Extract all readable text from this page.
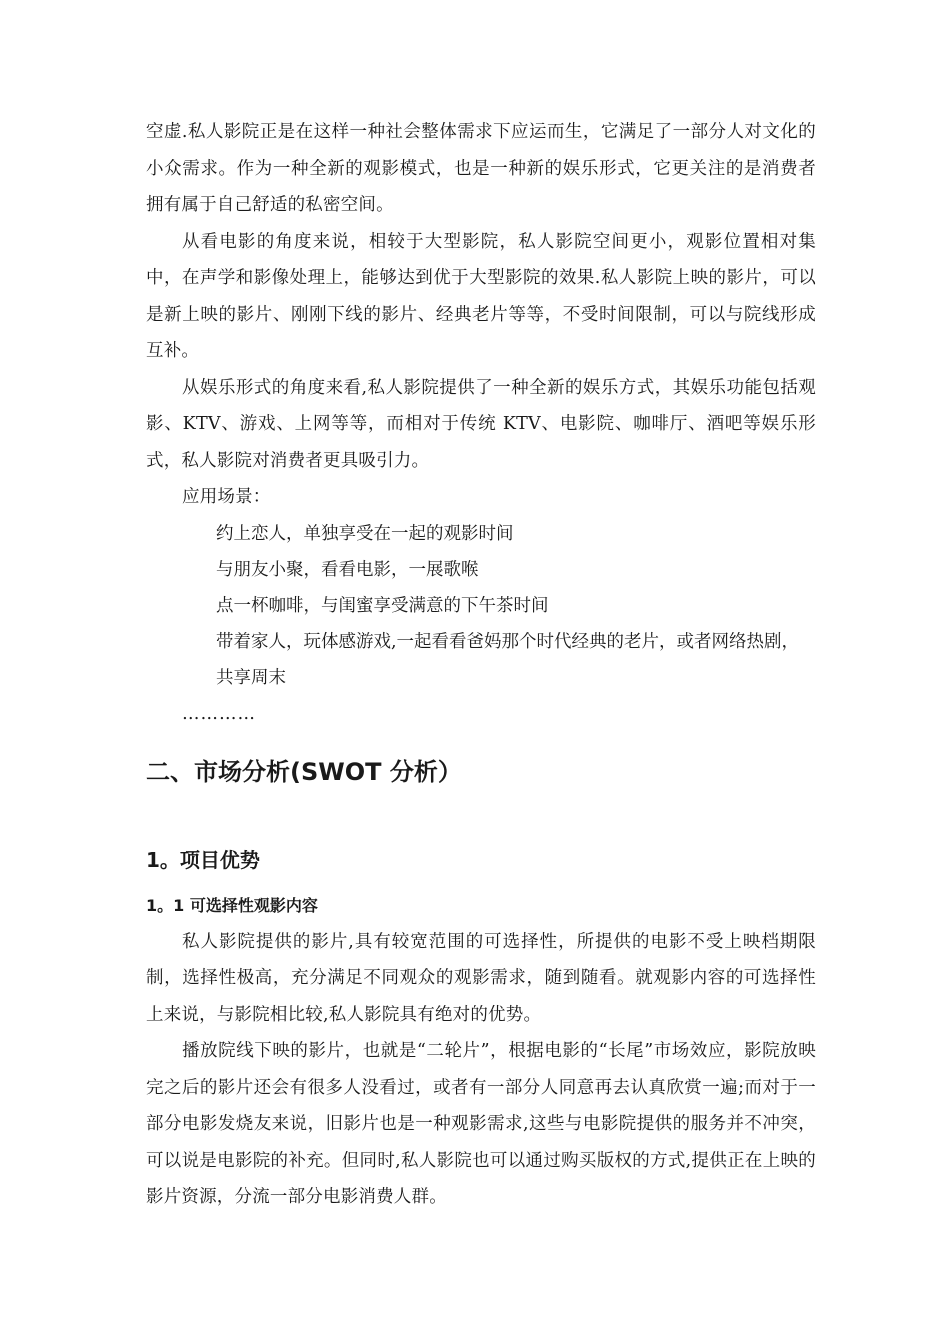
空虚.私人影院正是在这样一种社会整体需求下应运而生，它满足了一部分人对文化的小众需求。作为一种全新的观影模式，也是一种新的娱乐形式，它更关注的是消费者拥有属于自己舒适的私密空间。

从看电影的角度来说，相较于大型影院，私人影院空间更小，观影位置相对集中，在声学和影像处理上，能够达到优于大型影院的效果.私人影院上映的影片，可以是新上映的影片、刚刚下线的影片、经典老片等等，不受时间限制，可以与院线形成互补。

从娱乐形式的角度来看,私人影院提供了一种全新的娱乐方式，其娱乐功能包括观影、KTV、游戏、上网等等，而相对于传统 KTV、电影院、咖啡厅、酒吧等娱乐形式，私人影院对消费者更具吸引力。

应用场景：

约上恋人，单独享受在一起的观影时间
与朋友小聚，看看电影，一展歌喉
点一杯咖啡，与闺蜜享受满意的下午茶时间
带着家人，玩体感游戏,一起看看爸妈那个时代经典的老片，或者网络热剧，共享周末
…………
二、市场分析(SWOT 分析）
1。项目优势
1。1 可选择性观影内容

私人影院提供的影片,具有较宽范围的可选择性，所提供的电影不受上映档期限制，选择性极高，充分满足不同观众的观影需求，随到随看。就观影内容的可选择性上来说，与影院相比较,私人影院具有绝对的优势。

播放院线下映的影片，也就是“二轮片”，根据电影的“长尾”市场效应，影院放映完之后的影片还会有很多人没看过，或者有一部分人同意再去认真欣赏一遍;而对于一部分电影发烧友来说，旧影片也是一种观影需求,这些与电影院提供的服务并不冲突，可以说是电影院的补充。但同时,私人影院也可以通过购买版权的方式,提供正在上映的影片资源，分流一部分电影消费人群。
